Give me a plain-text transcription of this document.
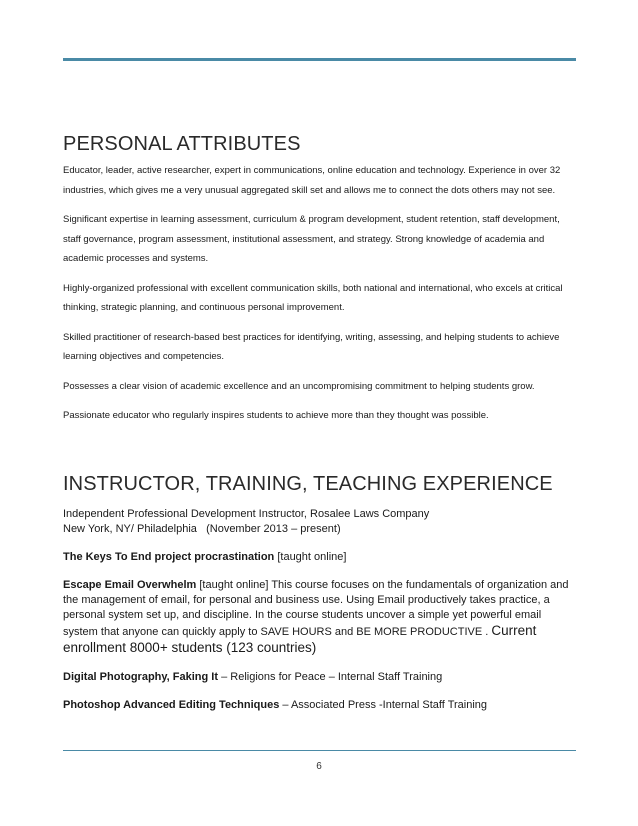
PERSONAL ATTRIBUTES

Educator, leader, active researcher, expert in communications, online education and technology. Experience in over 32 industries, which gives me a very unusual aggregated skill set and allows me to connect the dots others may not see.

Significant expertise in learning assessment, curriculum & program development, student retention, staff development, staff governance, program assessment, institutional assessment, and strategy. Strong knowledge of academia and academic processes and systems.

Highly-organized professional with excellent communication skills, both national and international, who excels at critical thinking, strategic planning, and continuous personal improvement.

Skilled practitioner of research-based best practices for identifying, writing, assessing, and helping students to achieve learning objectives and competencies.

Possesses a clear vision of academic excellence and an uncompromising commitment to helping students grow.

Passionate educator who regularly inspires students to achieve more than they thought was possible.

INSTRUCTOR, TRAINING, TEACHING EXPERIENCE
Independent Professional Development Instructor, Rosalee Laws Company
New York, NY/ Philadelphia (November 2013 – present)

The Keys To End project procrastination [taught online]

Escape Email Overwhelm [taught online] This course focuses on the fundamentals of organization and the management of email, for personal and business use. Using Email productively takes practice, a personal system set up, and discipline. In the course students uncover a simple yet powerful email system that anyone can quickly apply to SAVE HOURS and BE MORE PRODUCTIVE . Current enrollment 8000+ students (123 countries)

Digital Photography, Faking It – Religions for Peace – Internal Staff Training

Photoshop Advanced Editing Techniques – Associated Press -Internal Staff Training

6
